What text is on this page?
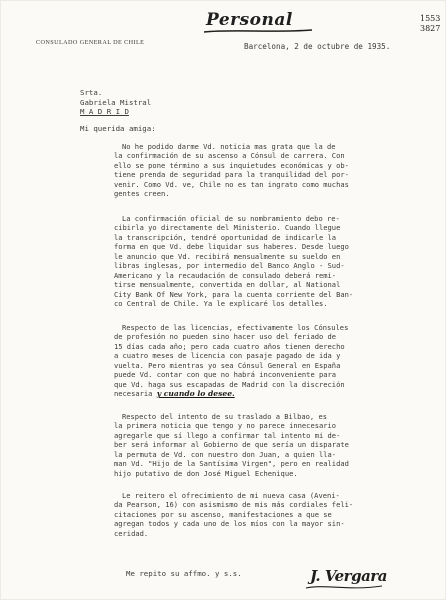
Personal	1553
3827
CONSULADO GENERAL DE CHILE	Barcelona, 2 de octubre de 1935.
Srta.
Gabriela Mistral
M A D R I D
Mi querida amiga:
No he podido darme Vd. noticia mas grata que la de
la confirmación de su ascenso a Cónsul de carrera. Con
ello se pone término a sus inquietudes económicas y ob-
tiene prenda de seguridad para la tranquilidad del por-
venir. Como Vd. ve, Chile no es tan ingrato como muchas
gentes creen.
La confirmación oficial de su nombramiento debo re-
cibirla yo directamente del Ministerio. Cuando llegue
la transcripción, tendré oportunidad de indicarle la
forma en que Vd. debe liquidar sus haberes. Desde luego
le anuncio que Vd. recibirá mensualmente su sueldo en
libras inglesas, por intermedio del Banco Anglo - Sud-
Americano y la recaudación de consulado deberá remi-
tirse mensualmente, convertida en dollar, al National
City Bank Of New York, para la cuenta corriente del Ban-
co Central de Chile. Ya le explicaré los detalles.
Respecto de las licencias, efectivamente los Cónsules
de profesión no pueden sino hacer uso del feriado de
15 días cada año; pero cada cuatro años tienen derecho
a cuatro meses de licencia con pasaje pagado de ida y
vuelta. Pero mientras yo sea Cónsul General en España
puede Vd. contar con que no habrá inconveniente para
que Vd. haga sus escapadas de Madrid con la discreción
necesaria y cuando lo desee.
Respecto del intento de su traslado a Bilbao, es
la primera noticia que tengo y no parece innecesario
agregarle que sí llego a confirmar tal intento mi de-
ber será informar al Gobierno de que sería un disparate
la permuta de Vd. con nuestro don Juan, a quien lla-
man Vd. "Hijo de la Santísima Virgen", pero en realidad
hijo putativo de don José Miguel Echenique.
Le reitero el ofrecimiento de mi nueva casa (Aveni-
da Pearson, 16) con asismismo de mis más cordiales feli-
citaciones por su ascenso, manifestaciones a que se
agregan todos y cada uno de los míos con la mayor sin-
ceridad.
Me repito su affmo. y s.s.	J. Vergara
